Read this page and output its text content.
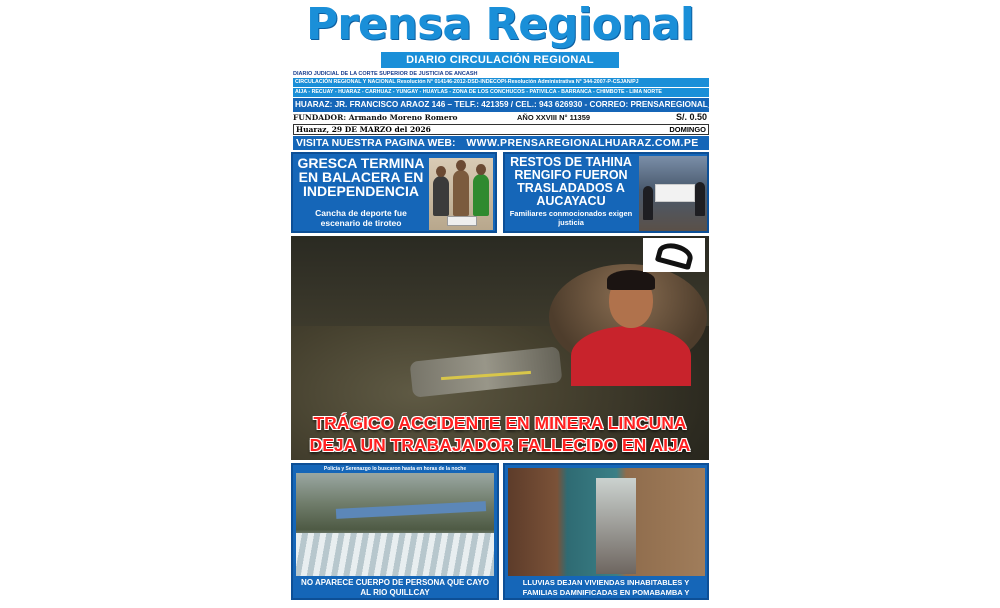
Prensa Regional
DIARIO CIRCULACIÓN REGIONAL
DIARIO JUDICIAL DE LA CORTE SUPERIOR DE JUSTICIA DE ANCASH
CIRCULACIÓN REGIONAL Y NACIONAL Resolución N° 014146-2012-DSD-INDECOPI-Resolución Administrativa N° 344-2007-P-CSJAN/PJ
AIJA - RECUAY - HUARAZ - CARHUAZ - YUNGAY - HUAYLAS - ZONA DE LOS CONCHUCOS - PATIVILCA - BARRANCA - CHIMBOTE - LIMA NORTE
HUARAZ: JR. FRANCISCO ARAOZ 146 – TELF.: 421359 / CEL.: 943 626930 - CORREO: PRENSAREGIONAL_1@YAHOO.ES
FUNDADOR: Armando Moreno Romero	AÑO XXVIII N° 11359	S/. 0.50
Huaraz, 29 DE MARZO del 2026	DOMINGO
VISITA NUESTRA PAGINA WEB: WWW.PRENSAREGIONALHUARAZ.COM.PE
GRESCA TERMINA EN BALACERA EN INDEPENDENCIA
Cancha de deporte fue escenario de tiroteo
RESTOS DE TAHINA RENGIFO FUERON TRASLADADOS A AUCAYACU
Familiares conmocionados exigen justicia
TRÁGICO ACCIDENTE EN MINERA LINCUNA
DEJA UN TRABAJADOR FALLECIDO EN AIJA
Policía y Serenazgo lo buscaron hasta en horas de la noche
NO APARECE CUERPO DE PERSONA QUE CAYO AL RIO QUILLCAY
LLUVIAS DEJAN VIVIENDAS INHABITABLES Y FAMILIAS DAMNIFICADAS EN POMABAMBA Y PUNGAY
